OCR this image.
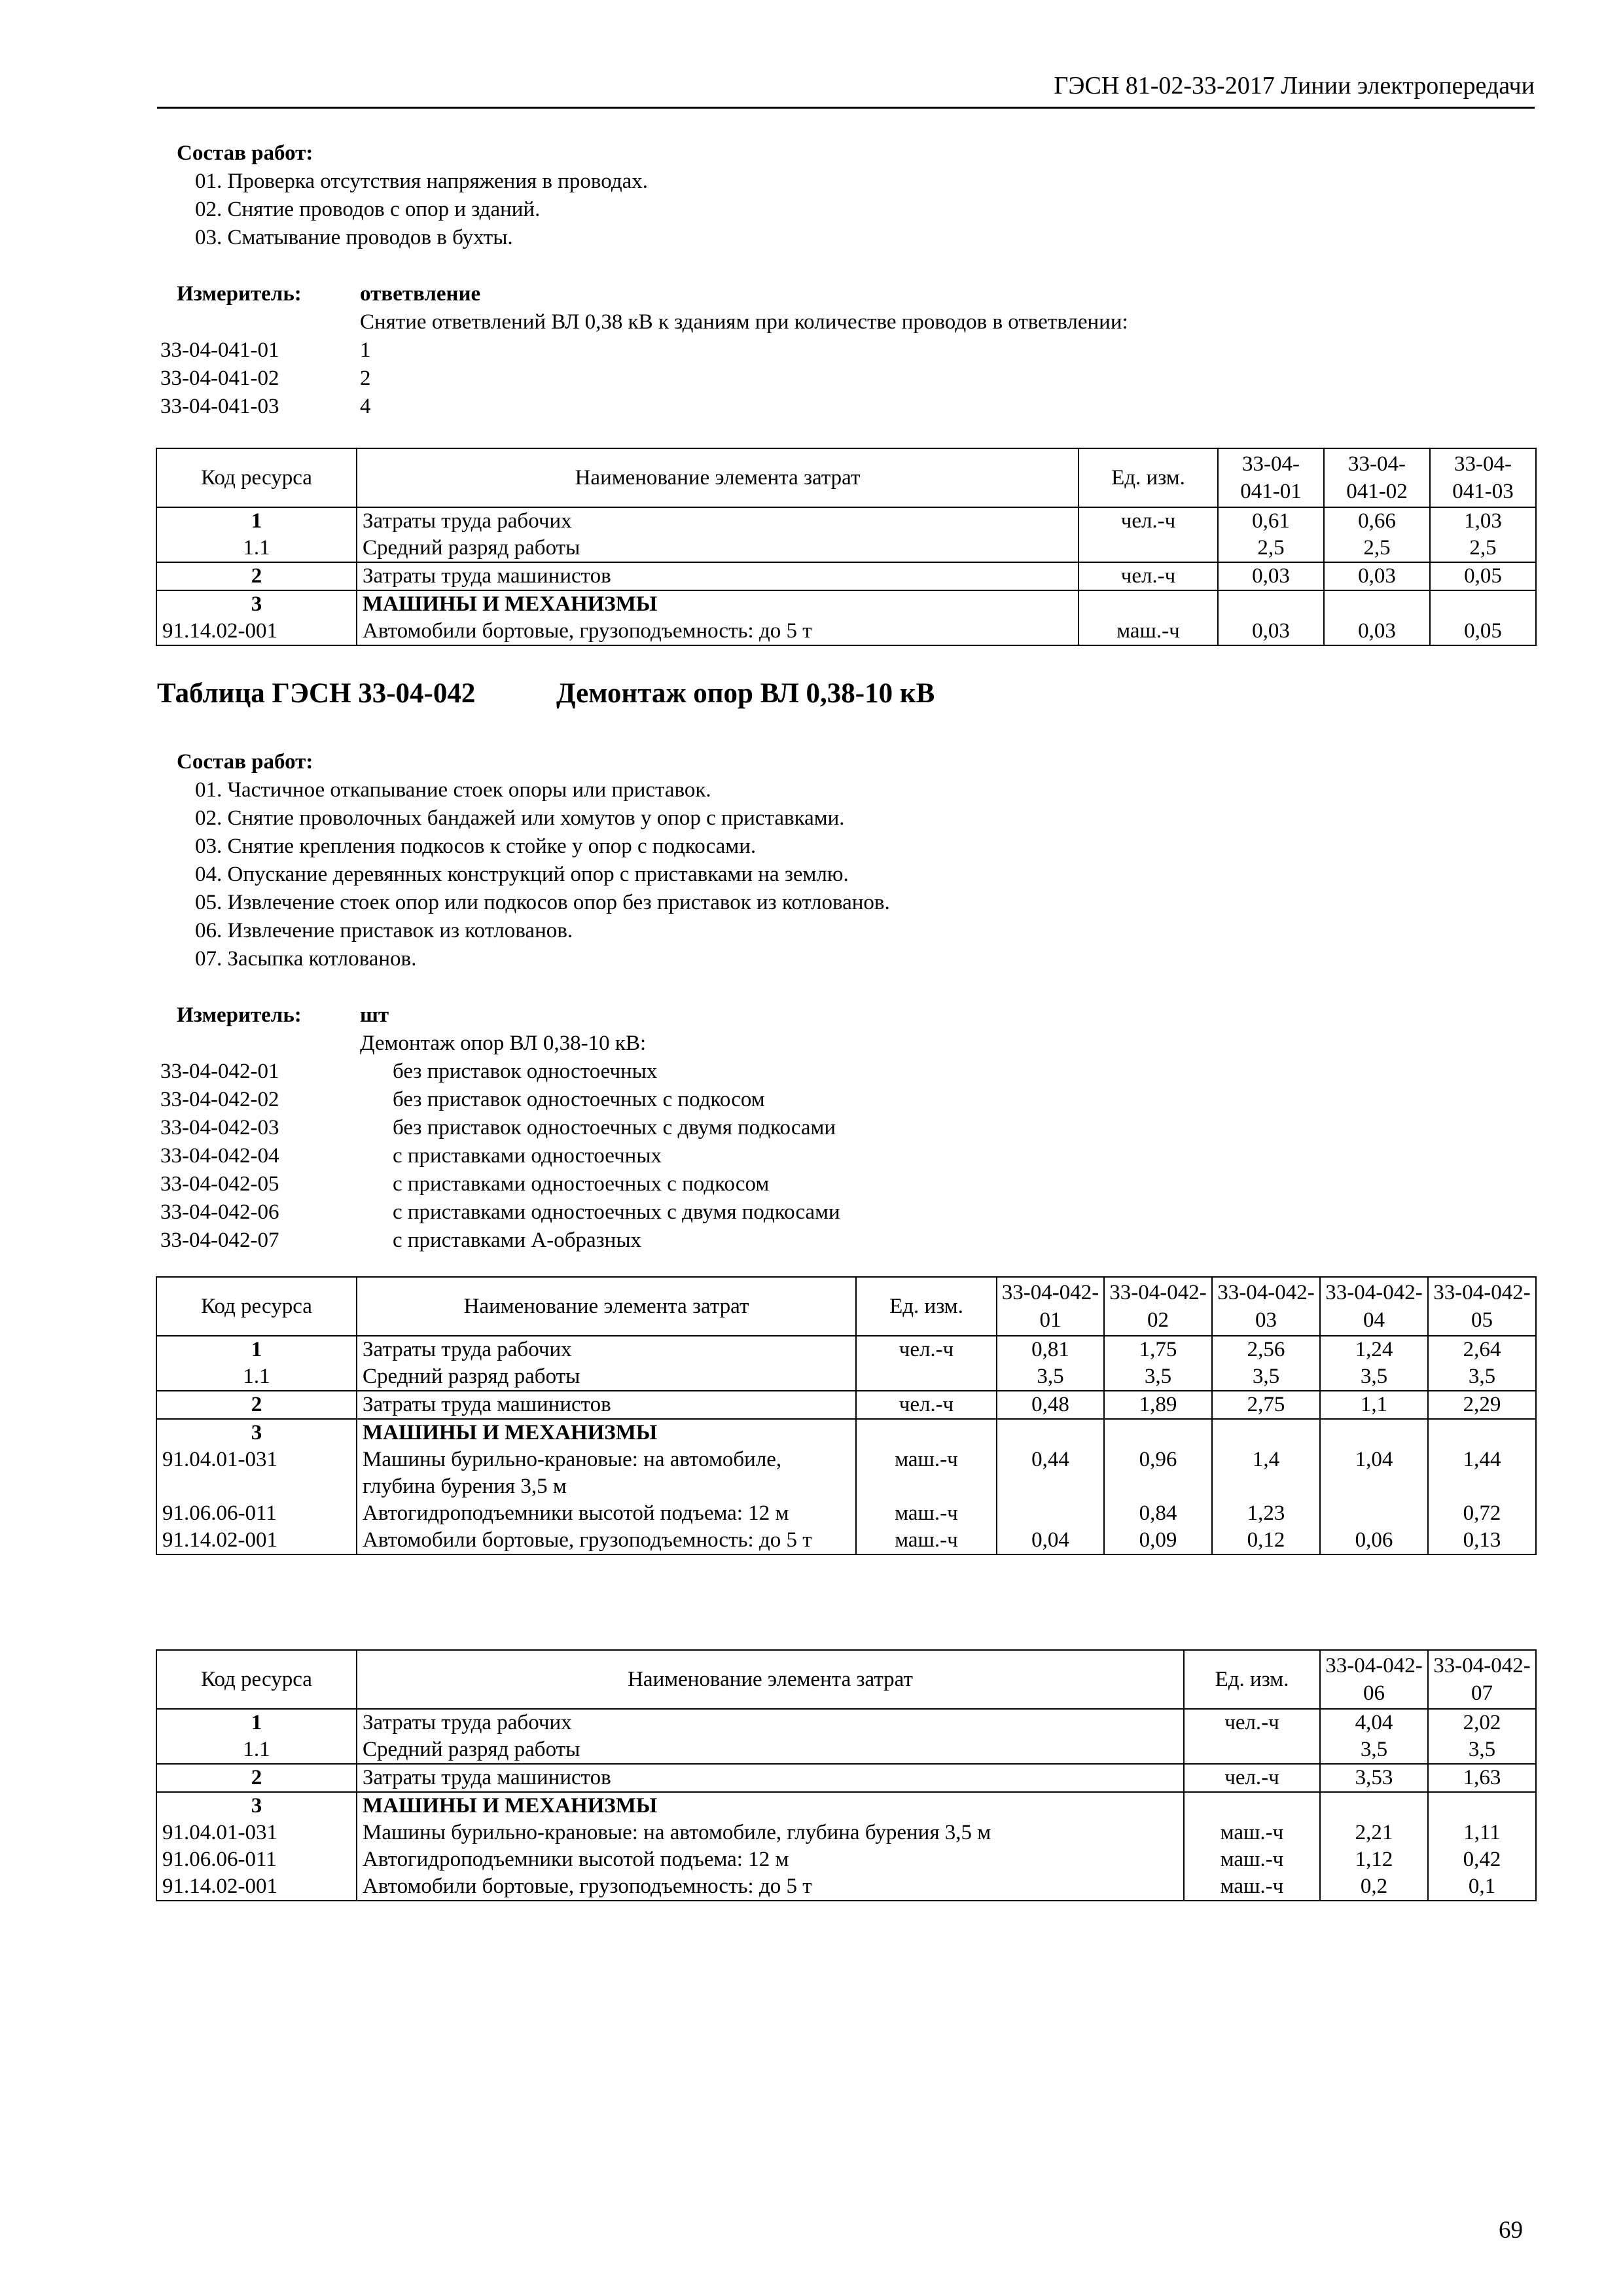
ГЭСН 81-02-33-2017 Линии электропередачи
Состав работ:
01. Проверка отсутствия напряжения в проводах.
02. Снятие проводов с опор и зданий.
03. Сматывание проводов в бухты.
Измеритель:	ответвление
Снятие ответвлений ВЛ 0,38 кВ к зданиям при количестве проводов в ответвлении:
33-04-041-01	1
33-04-041-02	2
33-04-041-03	4
Код ресурса	Наименование элемента затрат	Ед. изм.	33-04-041-01	33-04-041-02	33-04-041-03
1	Затраты труда рабочих	чел.-ч	0,61	0,66	1,03
1.1	Средний разряд работы		2,5	2,5	2,5
2	Затраты труда машинистов	чел.-ч	0,03	0,03	0,05
3	МАШИНЫ И МЕХАНИЗМЫ				
91.14.02-001	Автомобили бортовые, грузоподъемность: до 5 т	маш.-ч	0,03	0,03	0,05
Таблица ГЭСН 33-04-042	Демонтаж опор ВЛ 0,38-10 кВ
Состав работ:
01. Частичное откапывание стоек опоры или приставок.
02. Снятие проволочных бандажей или хомутов у опор с приставками.
03. Снятие крепления подкосов к стойке у опор с подкосами.
04. Опускание деревянных конструкций опор с приставками на землю.
05. Извлечение стоек опор или подкосов опор без приставок из котлованов.
06. Извлечение приставок из котлованов.
07. Засыпка котлованов.
Измеритель:	шт
Демонтаж опор ВЛ 0,38-10 кВ:
33-04-042-01	без приставок одностоечных
33-04-042-02	без приставок одностоечных с подкосом
33-04-042-03	без приставок одностоечных с двумя подкосами
33-04-042-04	с приставками одностоечных
33-04-042-05	с приставками одностоечных с подкосом
33-04-042-06	с приставками одностоечных с двумя подкосами
33-04-042-07	с приставками А-образных
Код ресурса	Наименование элемента затрат	Ед. изм.	33-04-042-01	33-04-042-02	33-04-042-03	33-04-042-04	33-04-042-05
1	Затраты труда рабочих	чел.-ч	0,81	1,75	2,56	1,24	2,64
1.1	Средний разряд работы		3,5	3,5	3,5	3,5	3,5
2	Затраты труда машинистов	чел.-ч	0,48	1,89	2,75	1,1	2,29
3	МАШИНЫ И МЕХАНИЗМЫ						
91.04.01-031	Машины бурильно-крановые: на автомобиле, глубина бурения 3,5 м	маш.-ч	0,44	0,96	1,4	1,04	1,44
91.06.06-011	Автогидроподъемники высотой подъема: 12 м	маш.-ч		0,84	1,23		0,72
91.14.02-001	Автомобили бортовые, грузоподъемность: до 5 т	маш.-ч	0,04	0,09	0,12	0,06	0,13
Код ресурса	Наименование элемента затрат	Ед. изм.	33-04-042-06	33-04-042-07
1	Затраты труда рабочих	чел.-ч	4,04	2,02
1.1	Средний разряд работы		3,5	3,5
2	Затраты труда машинистов	чел.-ч	3,53	1,63
3	МАШИНЫ И МЕХАНИЗМЫ			
91.04.01-031	Машины бурильно-крановые: на автомобиле, глубина бурения 3,5 м	маш.-ч	2,21	1,11
91.06.06-011	Автогидроподъемники высотой подъема: 12 м	маш.-ч	1,12	0,42
91.14.02-001	Автомобили бортовые, грузоподъемность: до 5 т	маш.-ч	0,2	0,1
69
